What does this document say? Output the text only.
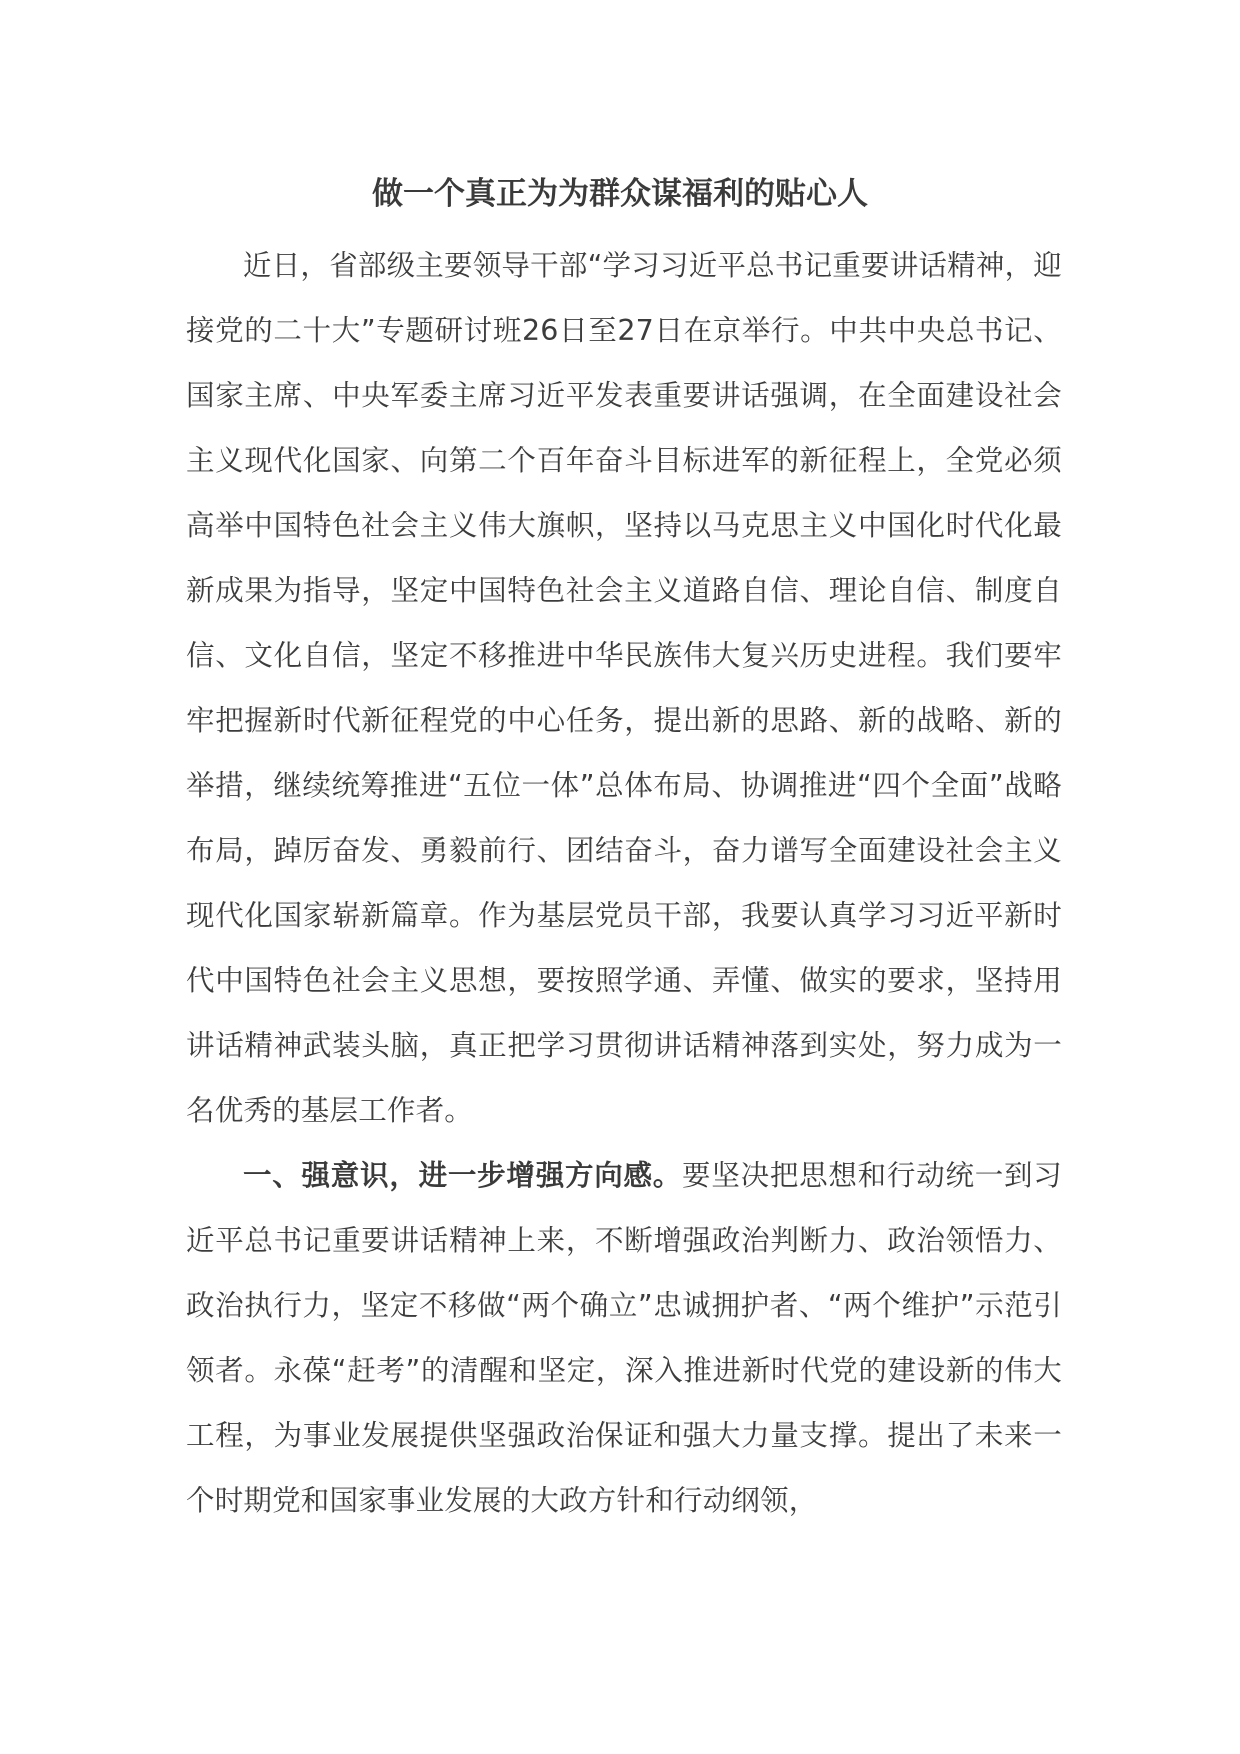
做一个真正为为群众谋福利的贴心人

近日，省部级主要领导干部“学习习近平总书记重要讲话精神，迎接党的二十大”专题研讨班26日至27日在京举行。中共中央总书记、国家主席、中央军委主席习近平发表重要讲话强调，在全面建设社会主义现代化国家、向第二个百年奋斗目标进军的新征程上，全党必须高举中国特色社会主义伟大旗帜，坚持以马克思主义中国化时代化最新成果为指导，坚定中国特色社会主义道路自信、理论自信、制度自信、文化自信，坚定不移推进中华民族伟大复兴历史进程。我们要牢牢把握新时代新征程党的中心任务，提出新的思路、新的战略、新的举措，继续统筹推进“五位一体”总体布局、协调推进“四个全面”战略布局，踔厉奋发、勇毅前行、团结奋斗，奋力谱写全面建设社会主义现代化国家崭新篇章。作为基层党员干部，我要认真学习习近平新时代中国特色社会主义思想，要按照学通、弄懂、做实的要求，坚持用讲话精神武装头脑，真正把学习贯彻讲话精神落到实处，努力成为一名优秀的基层工作者。

一、强意识，进一步增强方向感。要坚决把思想和行动统一到习近平总书记重要讲话精神上来，不断增强政治判断力、政治领悟力、政治执行力，坚定不移做“两个确立”忠诚拥护者、“两个维护”示范引领者。永葆“赶考”的清醒和坚定，深入推进新时代党的建设新的伟大工程，为事业发展提供坚强政治保证和强大力量支撑。提出了未来一个时期党和国家事业发展的大政方针和行动纲领，
